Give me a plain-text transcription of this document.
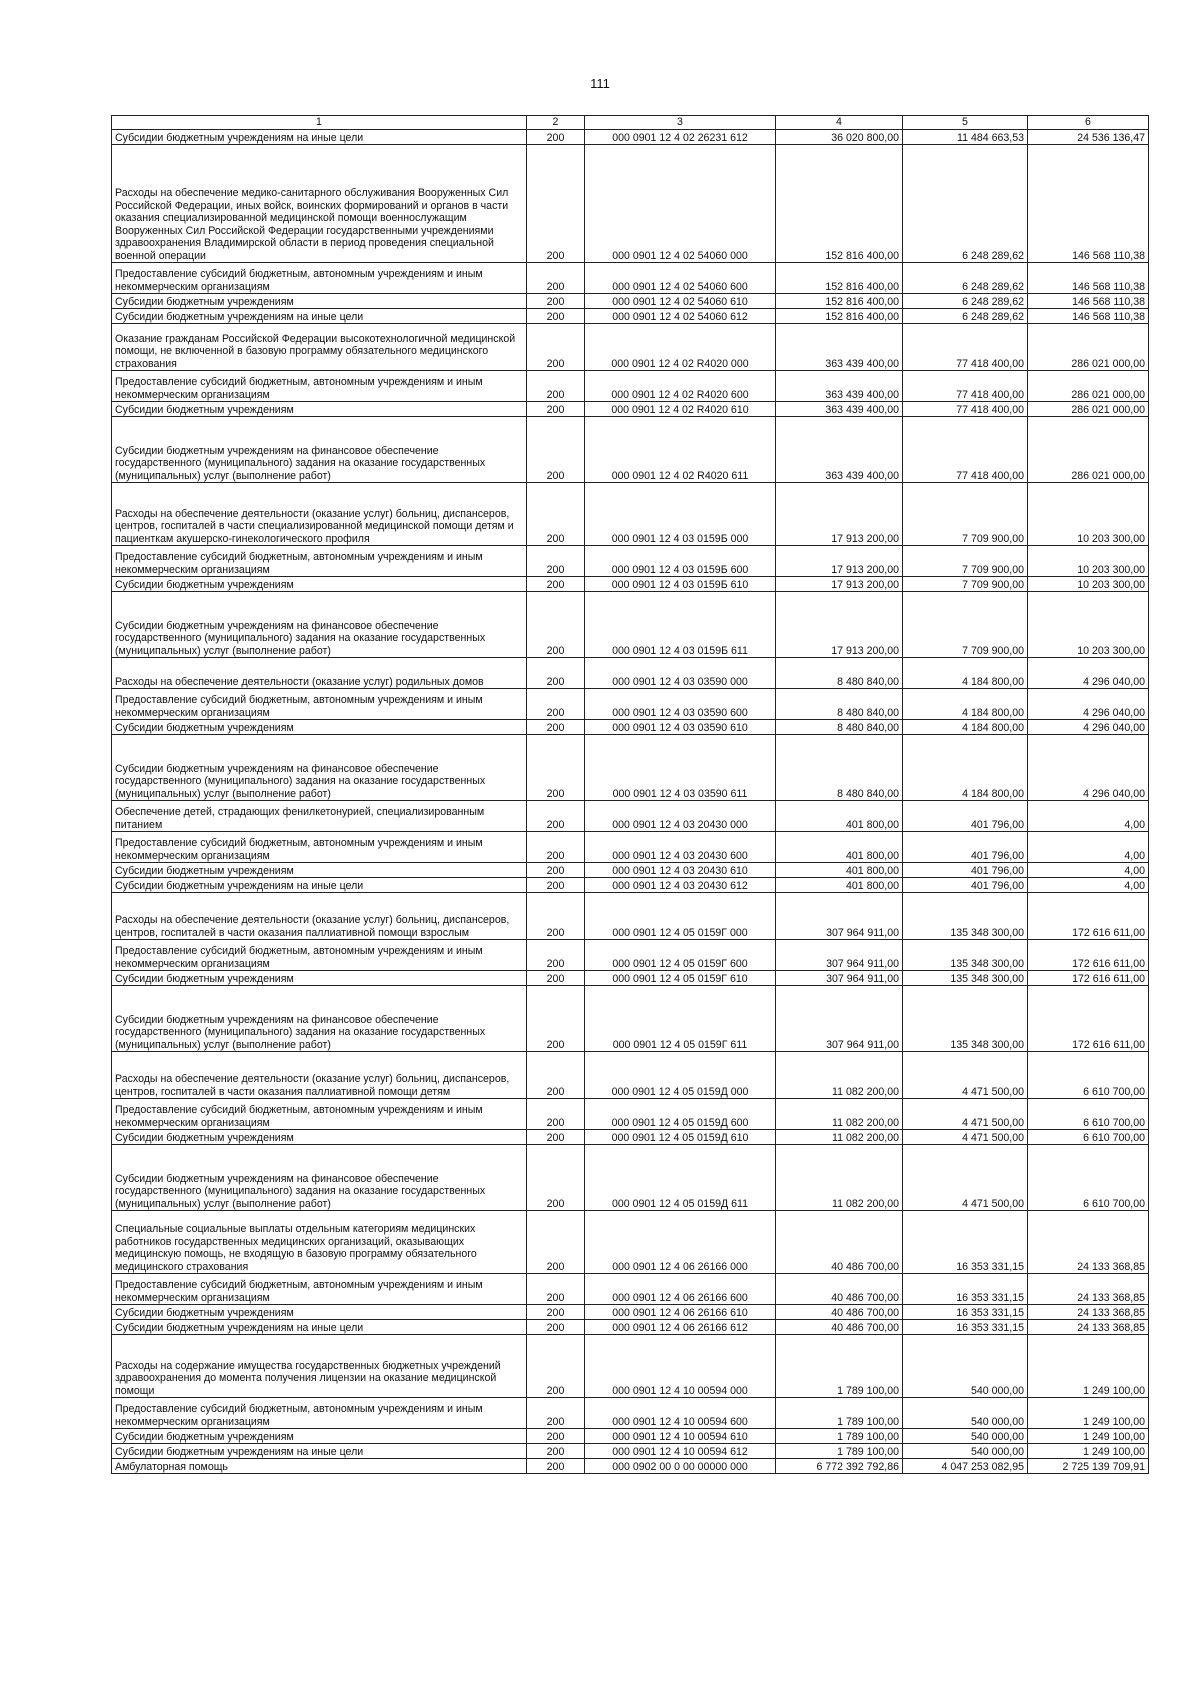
111
1	2	3	4	5	6
Субсидии бюджетным учреждениям на иные цели	200	000 0901 12 4 02 26231 612	36 020 800,00	11 484 663,53	24 536 136,47
Расходы на обеспечение медико-санитарного обслуживания Вооруженных Сил Российской Федерации, иных войск, воинских формирований и органов в части оказания специализированной медицинской помощи военнослужащим Вооруженных Сил Российской Федерации государственными учреждениями здравоохранения Владимирской области в период проведения специальной военной операции	200	000 0901 12 4 02 54060 000	152 816 400,00	6 248 289,62	146 568 110,38
Предоставление субсидий бюджетным, автономным учреждениям и иным некоммерческим организациям	200	000 0901 12 4 02 54060 600	152 816 400,00	6 248 289,62	146 568 110,38
Субсидии бюджетным учреждениям	200	000 0901 12 4 02 54060 610	152 816 400,00	6 248 289,62	146 568 110,38
Субсидии бюджетным учреждениям на иные цели	200	000 0901 12 4 02 54060 612	152 816 400,00	6 248 289,62	146 568 110,38
Оказание гражданам Российской Федерации высокотехнологичной медицинской помощи, не включенной в базовую программу обязательного медицинского страхования	200	000 0901 12 4 02 R4020 000	363 439 400,00	77 418 400,00	286 021 000,00
Предоставление субсидий бюджетным, автономным учреждениям и иным некоммерческим организациям	200	000 0901 12 4 02 R4020 600	363 439 400,00	77 418 400,00	286 021 000,00
Субсидии бюджетным учреждениям	200	000 0901 12 4 02 R4020 610	363 439 400,00	77 418 400,00	286 021 000,00
Субсидии бюджетным учреждениям на финансовое обеспечение государственного (муниципального) задания на оказание государственных (муниципальных) услуг (выполнение работ)	200	000 0901 12 4 02 R4020 611	363 439 400,00	77 418 400,00	286 021 000,00
Расходы на обеспечение деятельности (оказание услуг) больниц, диспансеров, центров, госпиталей в части специализированной медицинской помощи детям и пациенткам акушерско-гинекологического профиля	200	000 0901 12 4 03 0159Б 000	17 913 200,00	7 709 900,00	10 203 300,00
Предоставление субсидий бюджетным, автономным учреждениям и иным некоммерческим организациям	200	000 0901 12 4 03 0159Б 600	17 913 200,00	7 709 900,00	10 203 300,00
Субсидии бюджетным учреждениям	200	000 0901 12 4 03 0159Б 610	17 913 200,00	7 709 900,00	10 203 300,00
Субсидии бюджетным учреждениям на финансовое обеспечение государственного (муниципального) задания на оказание государственных (муниципальных) услуг (выполнение работ)	200	000 0901 12 4 03 0159Б 611	17 913 200,00	7 709 900,00	10 203 300,00
Расходы на обеспечение деятельности (оказание услуг) родильных домов	200	000 0901 12 4 03 03590 000	8 480 840,00	4 184 800,00	4 296 040,00
Предоставление субсидий бюджетным, автономным учреждениям и иным некоммерческим организациям	200	000 0901 12 4 03 03590 600	8 480 840,00	4 184 800,00	4 296 040,00
Субсидии бюджетным учреждениям	200	000 0901 12 4 03 03590 610	8 480 840,00	4 184 800,00	4 296 040,00
Субсидии бюджетным учреждениям на финансовое обеспечение государственного (муниципального) задания на оказание государственных (муниципальных) услуг (выполнение работ)	200	000 0901 12 4 03 03590 611	8 480 840,00	4 184 800,00	4 296 040,00
Обеспечение детей, страдающих фенилкетонурией, специализированным питанием	200	000 0901 12 4 03 20430 000	401 800,00	401 796,00	4,00
Предоставление субсидий бюджетным, автономным учреждениям и иным некоммерческим организациям	200	000 0901 12 4 03 20430 600	401 800,00	401 796,00	4,00
Субсидии бюджетным учреждениям	200	000 0901 12 4 03 20430 610	401 800,00	401 796,00	4,00
Субсидии бюджетным учреждениям на иные цели	200	000 0901 12 4 03 20430 612	401 800,00	401 796,00	4,00
Расходы на обеспечение деятельности (оказание услуг) больниц, диспансеров, центров, госпиталей в части оказания паллиативной помощи взрослым	200	000 0901 12 4 05 0159Г 000	307 964 911,00	135 348 300,00	172 616 611,00
Предоставление субсидий бюджетным, автономным учреждениям и иным некоммерческим организациям	200	000 0901 12 4 05 0159Г 600	307 964 911,00	135 348 300,00	172 616 611,00
Субсидии бюджетным учреждениям	200	000 0901 12 4 05 0159Г 610	307 964 911,00	135 348 300,00	172 616 611,00
Субсидии бюджетным учреждениям на финансовое обеспечение государственного (муниципального) задания на оказание государственных (муниципальных) услуг (выполнение работ)	200	000 0901 12 4 05 0159Г 611	307 964 911,00	135 348 300,00	172 616 611,00
Расходы на обеспечение деятельности (оказание услуг) больниц, диспансеров, центров, госпиталей в части оказания паллиативной помощи детям	200	000 0901 12 4 05 0159Д 000	11 082 200,00	4 471 500,00	6 610 700,00
Предоставление субсидий бюджетным, автономным учреждениям и иным некоммерческим организациям	200	000 0901 12 4 05 0159Д 600	11 082 200,00	4 471 500,00	6 610 700,00
Субсидии бюджетным учреждениям	200	000 0901 12 4 05 0159Д 610	11 082 200,00	4 471 500,00	6 610 700,00
Субсидии бюджетным учреждениям на финансовое обеспечение государственного (муниципального) задания на оказание государственных (муниципальных) услуг (выполнение работ)	200	000 0901 12 4 05 0159Д 611	11 082 200,00	4 471 500,00	6 610 700,00
Специальные социальные выплаты отдельным категориям медицинских работников государственных медицинских организаций, оказывающих медицинскую помощь, не входящую в базовую программу обязательного медицинского страхования	200	000 0901 12 4 06 26166 000	40 486 700,00	16 353 331,15	24 133 368,85
Предоставление субсидий бюджетным, автономным учреждениям и иным некоммерческим организациям	200	000 0901 12 4 06 26166 600	40 486 700,00	16 353 331,15	24 133 368,85
Субсидии бюджетным учреждениям	200	000 0901 12 4 06 26166 610	40 486 700,00	16 353 331,15	24 133 368,85
Субсидии бюджетным учреждениям на иные цели	200	000 0901 12 4 06 26166 612	40 486 700,00	16 353 331,15	24 133 368,85
Расходы на содержание имущества государственных бюджетных учреждений здравоохранения до момента получения лицензии на оказание медицинской помощи	200	000 0901 12 4 10 00594 000	1 789 100,00	540 000,00	1 249 100,00
Предоставление субсидий бюджетным, автономным учреждениям и иным некоммерческим организациям	200	000 0901 12 4 10 00594 600	1 789 100,00	540 000,00	1 249 100,00
Субсидии бюджетным учреждениям	200	000 0901 12 4 10 00594 610	1 789 100,00	540 000,00	1 249 100,00
Субсидии бюджетным учреждениям на иные цели	200	000 0901 12 4 10 00594 612	1 789 100,00	540 000,00	1 249 100,00
Амбулаторная помощь	200	000 0902 00 0 00 00000 000	6 772 392 792,86	4 047 253 082,95	2 725 139 709,91
